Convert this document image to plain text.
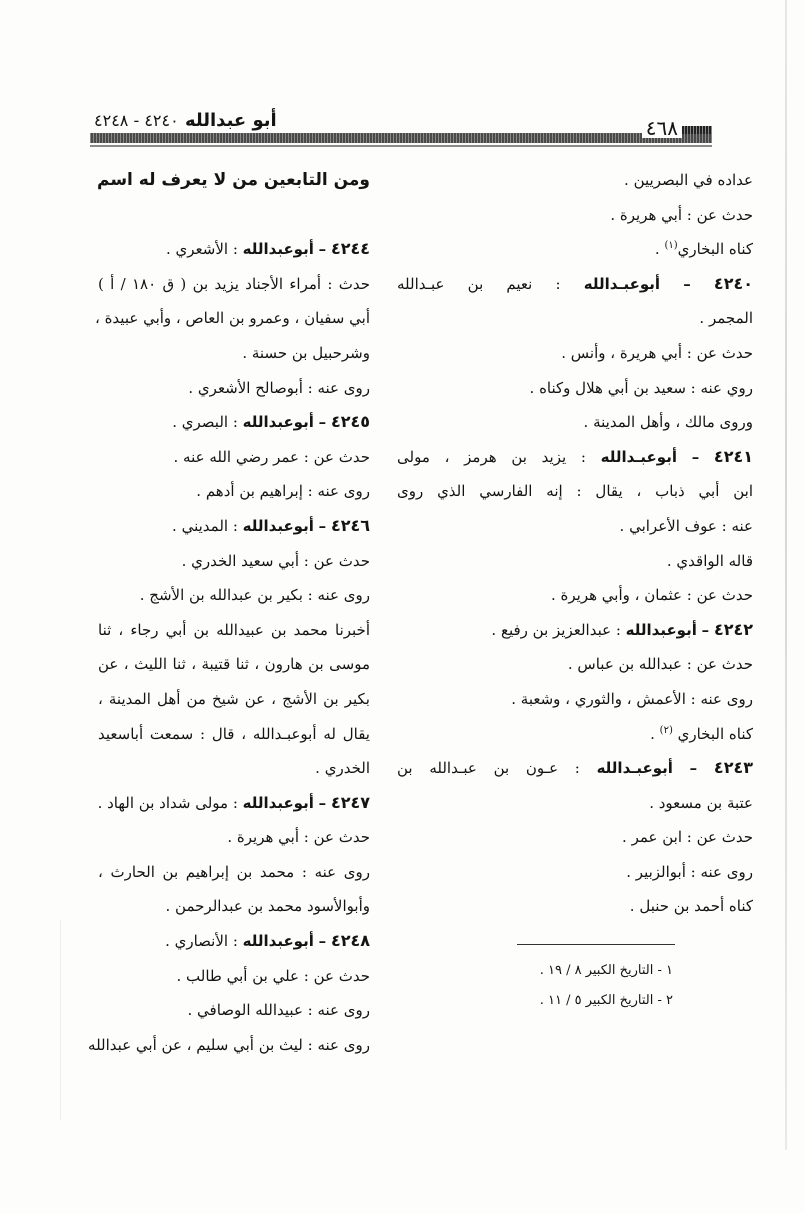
أبو عبدالله ٤٢٤٠ - ٤٢٤٨	٤٦٨
عداده في البصريين .
حدث عن : أبي هريرة .
كناه البخاري$^{(١)}$ .
٤٢٤٠ – أبوعبـدالله : نعيم بن عبـدالله
المجمر .
حدث عن : أبي هريرة ، وأنس .
روي عنه : سعيد بن أبي هلال وكناه .
وروى مالك ، وأهل المدينة .
٤٢٤١ – أبوعبـدالله : يزيد بن هرمز ، مولى
ابن أبي ذباب ، يقال : إنه الفارسي الذي روى
عنه : عوف الأعرابي .
قاله الواقدي .
حدث عن : عثمان ، وأبي هريرة .
٤٢٤٢ – أبوعبدالله : عبدالعزيز بن رفيع .
حدث عن : عبدالله بن عباس .
روى عنه : الأعمش ، والثوري ، وشعبة .
كناه البخاري $^{(٢)}$ .
٤٢٤٣ – أبوعبـدالله : عـون بن عبـدالله بن
عتبة بن مسعود .
حدث عن : ابن عمر .
روى عنه : أبوالزبير .
كناه أحمد بن حنبل .
ومن التابعين من لا يعرف له اسم
٤٢٤٤ – أبوعبدالله : الأشعري .
حدث : أمراء الأجناد يزيد بن ( ق ١٨٠ / أ )
أبي سفيان ، وعمرو بن العاص ، وأبي عبيدة ،
وشرحبيل بن حسنة .
روى عنه : أبوصالح الأشعري .
٤٢٤٥ – أبوعبدالله : البصري .
حدث عن : عمر رضي الله عنه .
روى عنه : إبراهيم بن أدهم .
٤٢٤٦ – أبوعبدالله : المديني .
حدث عن : أبي سعيد الخدري .
روى عنه : بكير بن عبدالله بن الأشج .
أخبرنا محمد بن عبيدالله بن أبي رجاء ، ثنا
موسى بن هارون ، ثنا قتيبة ، ثنا الليث ، عن
بكير بن الأشج ، عن شيخ من أهل المدينة ،
يقال له أبوعبـدالله ، قال : سمعت أباسعيد
الخدري .
٤٢٤٧ – أبوعبدالله : مولى شداد بن الهاد .
حدث عن : أبي هريرة .
روى عنه : محمد بن إبراهيم بن الحارث ،
وأبوالأسود محمد بن عبدالرحمن .
٤٢٤٨ – أبوعبدالله : الأنصاري .
حدث عن : علي بن أبي طالب .
روى عنه : عبيدالله الوصافي .
روى عنه : ليث بن أبي سليم ، عن أبي عبدالله
١ - التاريخ الكبير ٨ / ١٩ .
٢ - التاريخ الكبير ٥ / ١١ .
